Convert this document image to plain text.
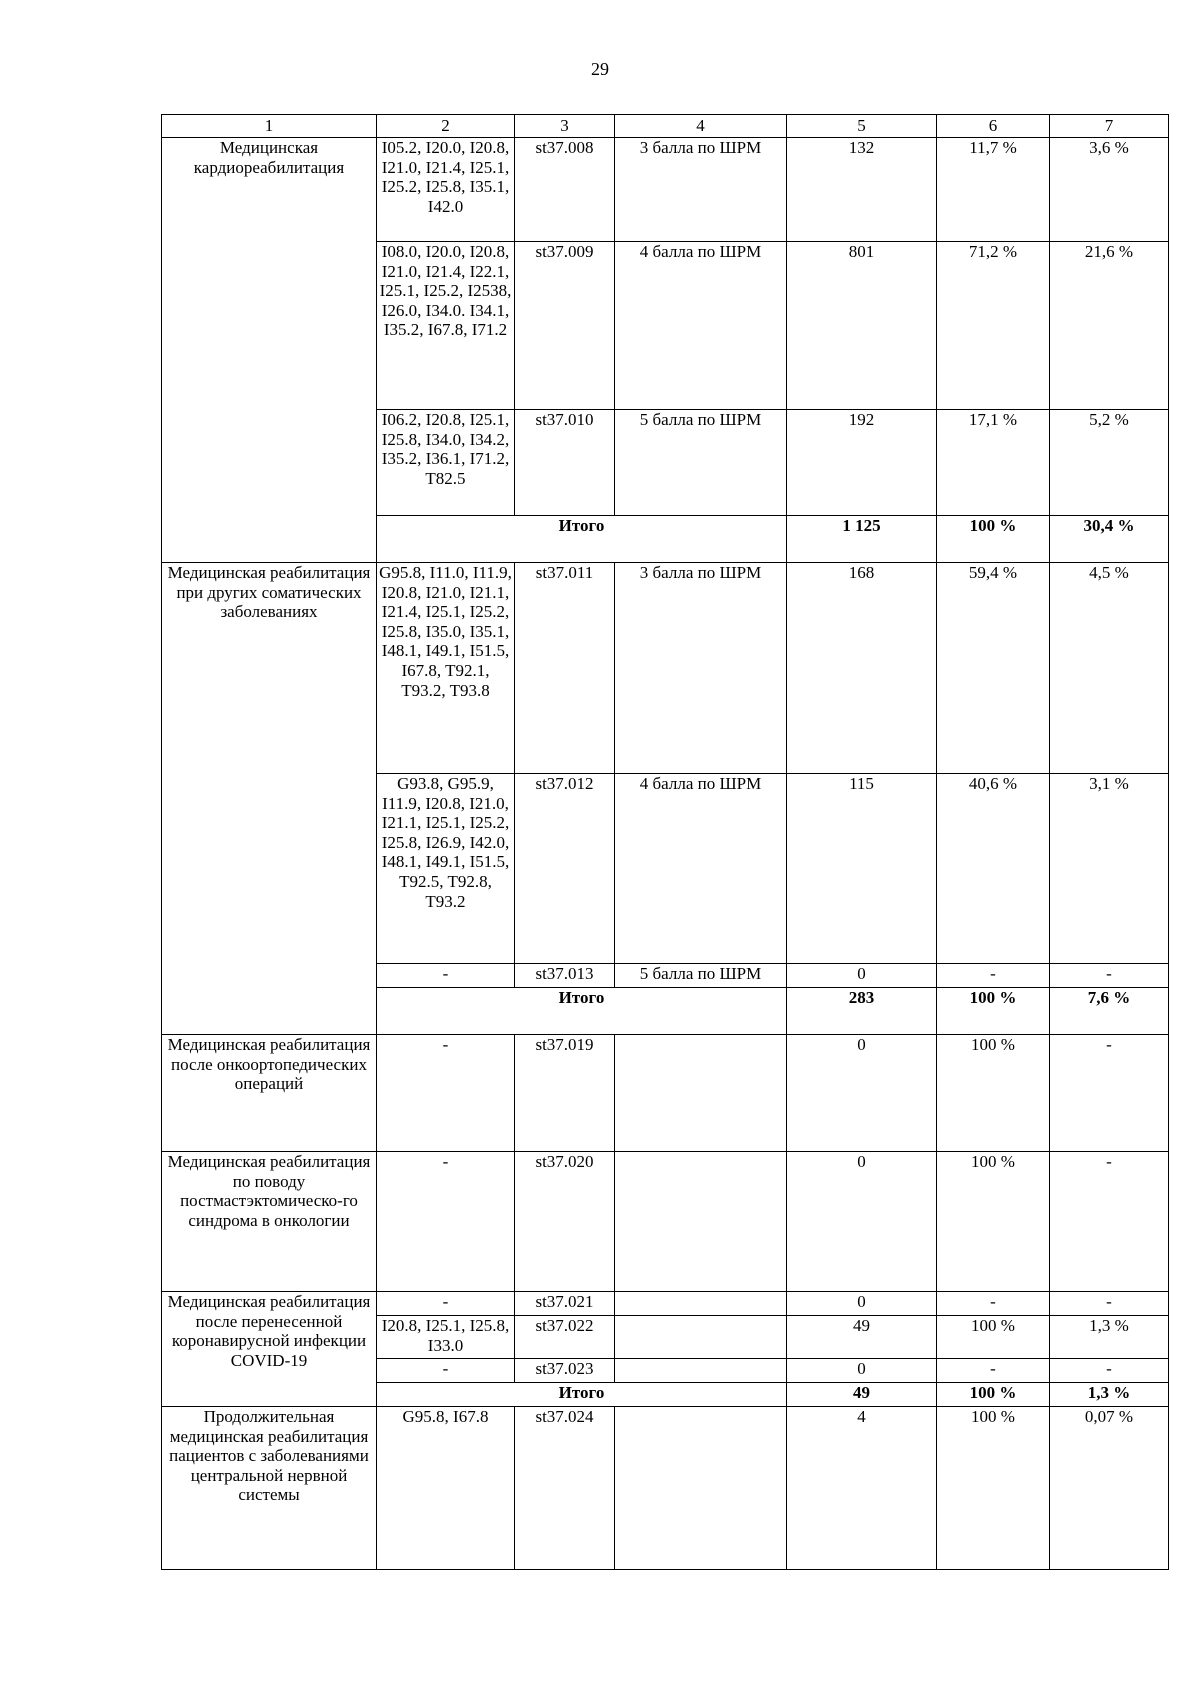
29
1	2	3	4	5	6	7
Медицинская кардиореабилитация	I05.2, I20.0, I20.8, I21.0, I21.4, I25.1, I25.2, I25.8, I35.1, I42.0	st37.008	3 балла по ШРМ	132	11,7 %	3,6 %
	I08.0, I20.0, I20.8, I21.0, I21.4, I22.1, I25.1, I25.2, I2538, I26.0, I34.0. I34.1, I35.2, I67.8, I71.2	st37.009	4 балла по ШРМ	801	71,2 %	21,6 %
	I06.2, I20.8, I25.1, I25.8, I34.0, I34.2, I35.2, I36.1, I71.2, T82.5	st37.010	5 балла по ШРМ	192	17,1 %	5,2 %
	Итого			1 125	100 %	30,4 %
Медицинская реабилитация при других соматических заболеваниях	G95.8, I11.0, I11.9, I20.8, I21.0, I21.1, I21.4, I25.1, I25.2, I25.8, I35.0, I35.1, I48.1, I49.1, I51.5, I67.8, T92.1, T93.2, T93.8	st37.011	3 балла по ШРМ	168	59,4 %	4,5 %
	G93.8, G95.9, I11.9, I20.8, I21.0, I21.1, I25.1, I25.2, I25.8, I26.9, I42.0, I48.1, I49.1, I51.5, T92.5, T92.8, T93.2	st37.012	4 балла по ШРМ	115	40,6 %	3,1 %
	-	st37.013	5 балла по ШРМ	0	-	-
	Итого			283	100 %	7,6 %
Медицинская реабилитация после онкоортопедических операций	-	st37.019		0	100 %	-
Медицинская реабилитация по поводу постмастэктомическо-го синдрома в онкологии	-	st37.020		0	100 %	-
Медицинская реабилитация после перенесенной коронавирусной инфекции COVID-19	-	st37.021		0	-	-
	I20.8, I25.1, I25.8, I33.0	st37.022		49	100 %	1,3 %
	-	st37.023		0	-	-
	Итого			49	100 %	1,3 %
Продолжительная медицинская реабилитация пациентов с заболеваниями центральной нервной системы	G95.8, I67.8	st37.024		4	100 %	0,07 %
